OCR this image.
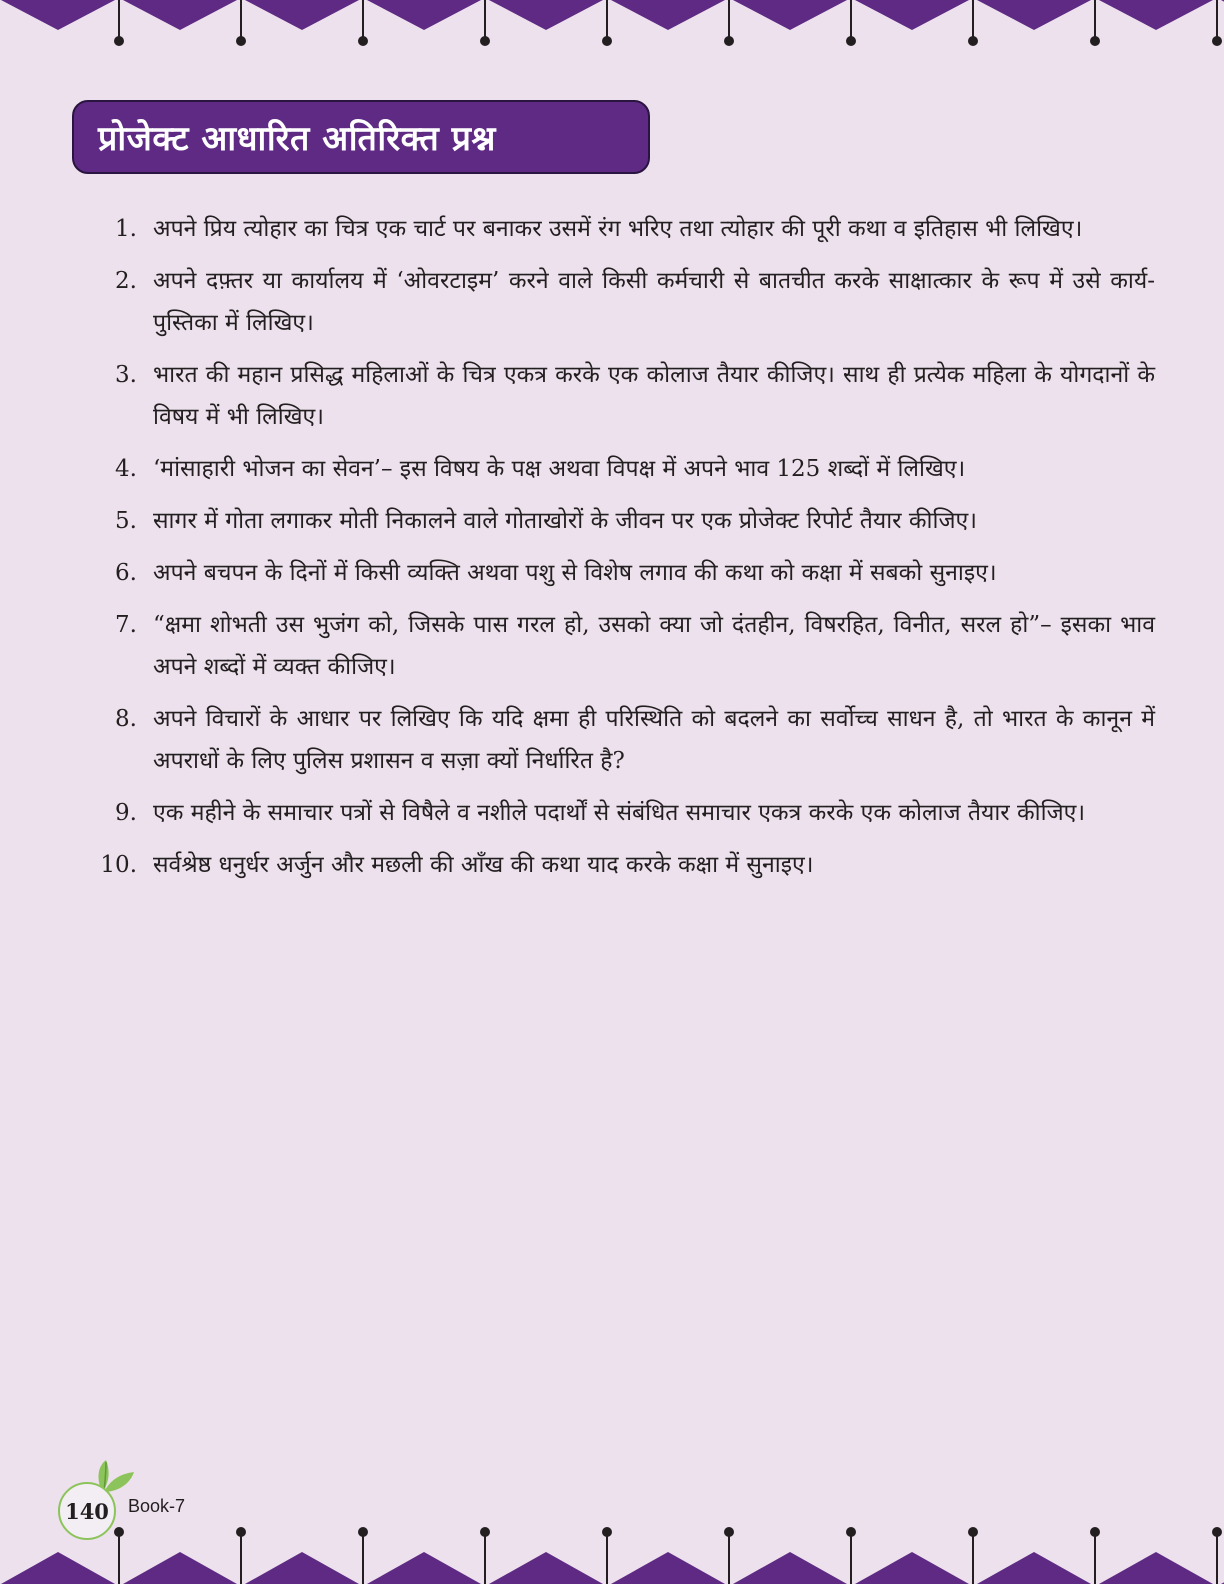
प्रोजेक्ट आधारित अतिरिक्त प्रश्न
1. अपने प्रिय त्योहार का चित्र एक चार्ट पर बनाकर उसमें रंग भरिए तथा त्योहार की पूरी कथा व इतिहास भी लिखिए।
2. अपने दफ़्तर या कार्यालय में ‘ओवरटाइम’ करने वाले किसी कर्मचारी से बातचीत करके साक्षात्कार के रूप में उसे कार्य-पुस्तिका में लिखिए।
3. भारत की महान प्रसिद्ध महिलाओं के चित्र एकत्र करके एक कोलाज तैयार कीजिए। साथ ही प्रत्येक महिला के योगदानों के विषय में भी लिखिए।
4. ‘मांसाहारी भोजन का सेवन’– इस विषय के पक्ष अथवा विपक्ष में अपने भाव 125 शब्दों में लिखिए।
5. सागर में गोता लगाकर मोती निकालने वाले गोताखोरों के जीवन पर एक प्रोजेक्ट रिपोर्ट तैयार कीजिए।
6. अपने बचपन के दिनों में किसी व्यक्ति अथवा पशु से विशेष लगाव की कथा को कक्षा में सबको सुनाइए।
7. “क्षमा शोभती उस भुजंग को, जिसके पास गरल हो, उसको क्या जो दंतहीन, विषरहित, विनीत, सरल हो”– इसका भाव अपने शब्दों में व्यक्त कीजिए।
8. अपने विचारों के आधार पर लिखिए कि यदि क्षमा ही परिस्थिति को बदलने का सर्वोच्च साधन है, तो भारत के कानून में अपराधों के लिए पुलिस प्रशासन व सज़ा क्यों निर्धारित है?
9. एक महीने के समाचार पत्रों से विषैले व नशीले पदार्थों से संबंधित समाचार एकत्र करके एक कोलाज तैयार कीजिए।
10. सर्वश्रेष्ठ धनुर्धर अर्जुन और मछली की आँख की कथा याद करके कक्षा में सुनाइए।
140 Book-7
